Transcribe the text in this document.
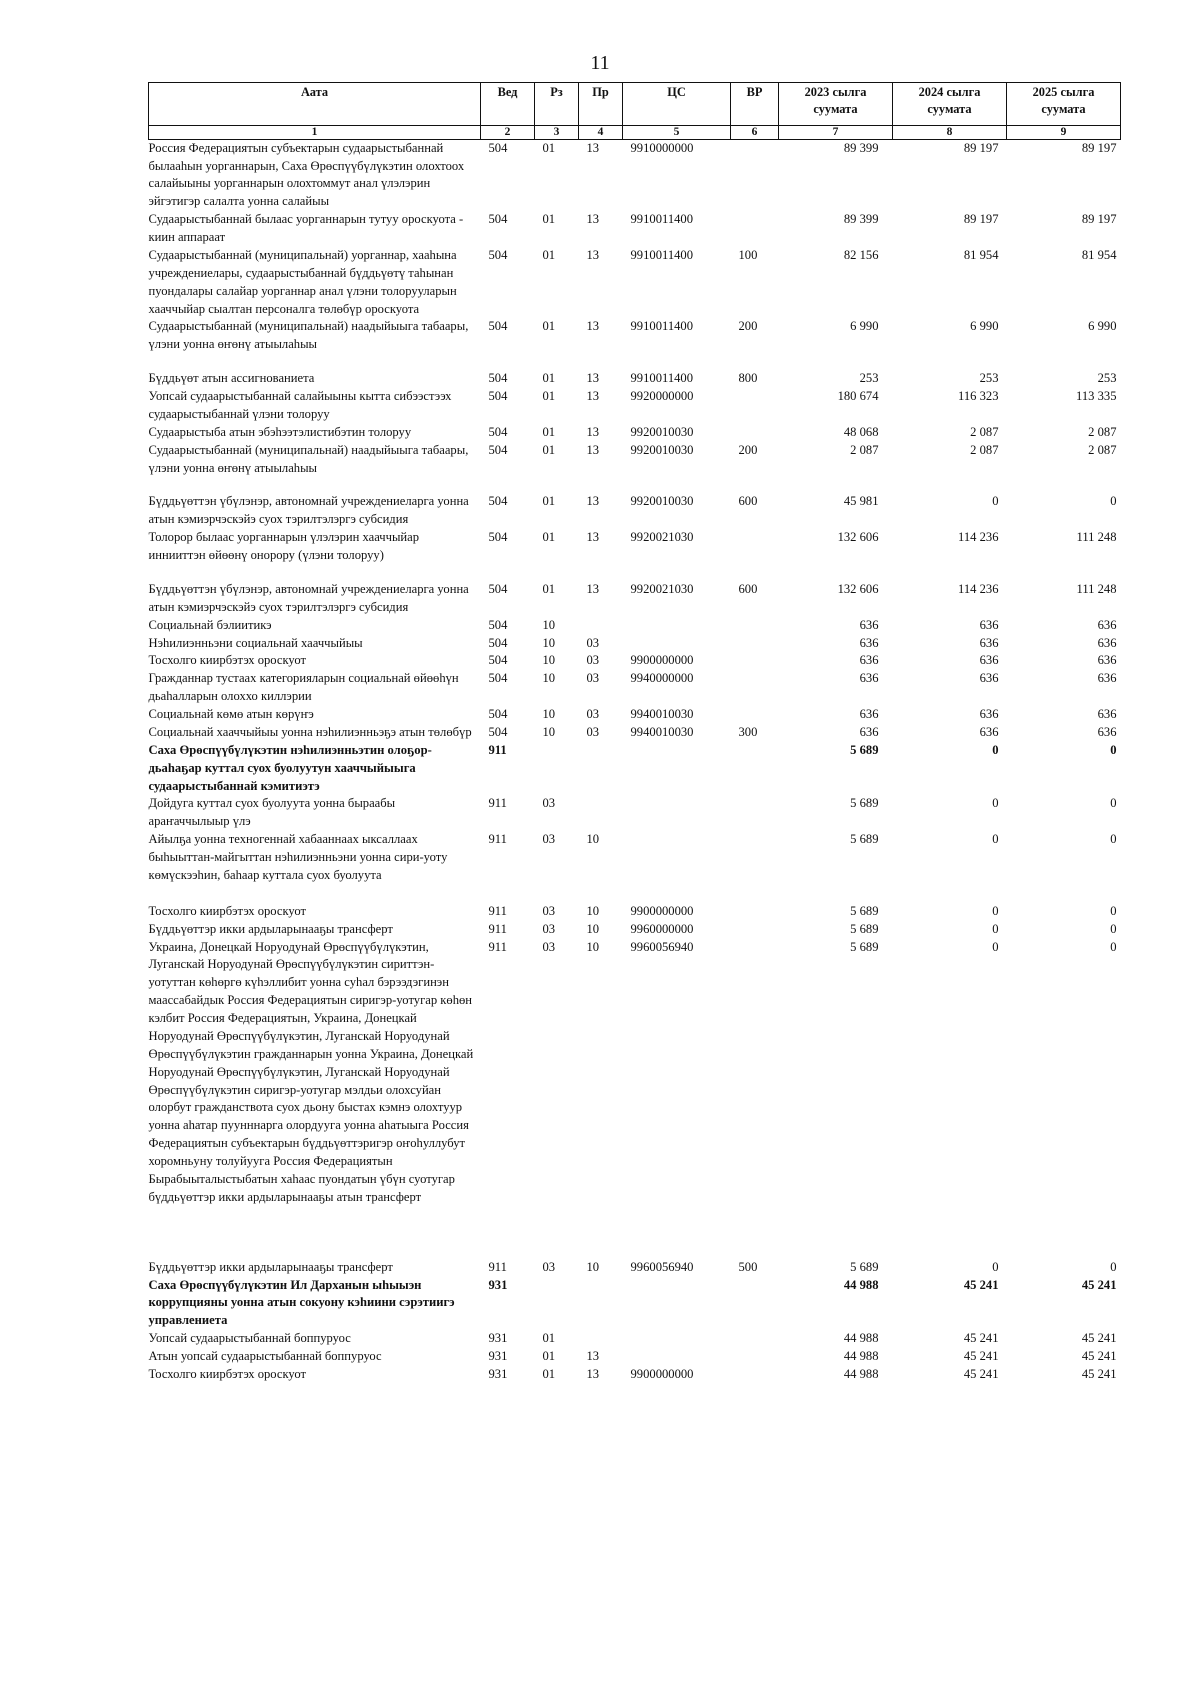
11
Аата	Вед	Рз	Пр	ЦС	ВР	2023 сылга суумата	2024 сылга суумата	2025 сылга суумата
1	2	3	4	5	6	7	8	9
Россия Федерациятын субъектарын судаарыстыбаннай былааһын уорганнарын, Саха Өрөспүүбүлүкэтин олохтоох салайыыны уорганнарын олохтоммут анал үлэлэрин эйгэтигэр салалта уонна салайыы	504	01	13	9910000000		89 399	89 197	89 197
Судаарыстыбаннай былаас уорганнарын тутуу ороскуота - киин аппараат	504	01	13	9910011400		89 399	89 197	89 197
Судаарыстыбаннай (муниципальнай) уорганнар, хааһына учреждениелары, судаарыстыбаннай бүддьүөтү таһынан пуондалары салайар уорганнар анал үлэни толорууларын хааччыйар сыалтан персоналга төлөбүр ороскуота	504	01	13	9910011400	100	82 156	81 954	81 954
Судаарыстыбаннай (муниципальнай) наадыйыыга табаары, үлэни уонна өҥөнү атыылаһыы	504	01	13	9910011400	200	6 990	6 990	6 990
Бүддьүөт атын ассигнованиета	504	01	13	9910011400	800	253	253	253
Уопсай судаарыстыбаннай салайыыны кытта сибээстээх судаарыстыбаннай үлэни толоруу	504	01	13	9920000000		180 674	116 323	113 335
Судаарыстыба атын эбэһээтэлистибэтин толоруу	504	01	13	9920010030		48 068	2 087	2 087
Судаарыстыбаннай (муниципальнай) наадыйыыга табаары, үлэни уонна өҥөнү атыылаһыы	504	01	13	9920010030	200	2 087	2 087	2 087
Бүддьүөттэн үбүлэнэр, автономнай учреждениеларга уонна атын кэмиэрчэскэйэ суох тэрилтэлэргэ субсидия	504	01	13	9920010030	600	45 981	0	0
Толорор былаас уорганнарын үлэлэрин хааччыйар иннииттэн өйөөнү онорору (үлэни толоруу)	504	01	13	9920021030		132 606	114 236	111 248
Бүддьүөттэн үбүлэнэр, автономнай учреждениеларга уонна атын кэмиэрчэскэйэ суох тэрилтэлэргэ субсидия	504	01	13	9920021030	600	132 606	114 236	111 248
Социальнай бэлиитикэ	504	10				636	636	636
Нэһилиэнньэни социальнай хааччыйыы	504	10	03			636	636	636
Тосхолго киирбэтэх ороскуот	504	10	03	9900000000		636	636	636
Гражданнар тустаах категорияларын социальнай өйөөһүн дьаһалларын олоххо киллэрии	504	10	03	9940000000		636	636	636
Социальнай көмө атын көрүҥэ	504	10	03	9940010030		636	636	636
Социальнай хааччыйыы уонна нэһилиэнньэҕэ атын төлөбүр	504	10	03	9940010030	300	636	636	636
Саха Өрөспүүбүлүкэтин нэһилиэнньэтин олоҕор-дьаһаҕар куттал суох буолуутун хааччыйыыга судаарыстыбаннай кэмитиэтэ	911					5 689	0	0
Дойдуга куттал суох буолуута уонна быраабы араҥаччылыыр үлэ	911	03				5 689	0	0
Айылҕа уонна техногеннай хабааннаах ыксаллаах быһыыттан-майгыттан нэһилиэнньэни уонна сири-уоту көмүскээһин, баһаар куттала суох буолуута	911	03	10			5 689	0	0
Тосхолго киирбэтэх ороскуот	911	03	10	9900000000		5 689	0	0
Бүддьүөттэр икки ардыларынааҕы трансферт	911	03	10	9960000000		5 689	0	0
Украина, Донецкай Норуодунай Өрөспүүбүлүкэтин, Луганскай Норуодунай Өрөспүүбүлүкэтин сириттэн-уотуттан көһөргө күһэллибит уонна суһал бэрээдэгинэн маассабайдык Россия Федерациятын сиригэр-уотугар көһөн кэлбит Россия Федерациятын, Украина, Донецкай Норуодунай Өрөспүүбүлүкэтин, Луганскай Норуодунай Өрөспүүбүлүкэтин гражданнарын уонна Украина, Донецкай Норуодунай Өрөспүүбүлүкэтин, Луганскай Норуодунай Өрөспүүбүлүкэтин сиригэр-уотугар мэлдьи олохсуйан олорбут гражданствота суох дьону быстах кэмнэ олохтуур уонна аһатар пуунннарга олордууга уонна аһатыыга Россия Федерациятын субъектарын бүддьүөттэригэр оҥоһуллубут хоромньуну толуйууга Россия Федерациятын Бырабыыталыстыбатын хаһаас пуондатын үбүн суотугар бүддьүөттэр икки ардыларынааҕы атын трансферт	911	03	10	9960056940		5 689	0	0
Бүддьүөттэр икки ардыларынааҕы трансферт	911	03	10	9960056940	500	5 689	0	0
Саха Өрөспүүбүлүкэтин Ил Дарханын ыһыыэн коррупцияны уонна атын сокуону кэһиини сэрэтиигэ управлениета	931					44 988	45 241	45 241
Уопсай судаарыстыбаннай боппуруос	931	01				44 988	45 241	45 241
Атын уопсай судаарыстыбаннай боппуруос	931	01	13			44 988	45 241	45 241
Тосхолго киирбэтэх ороскуот	931	01	13	9900000000		44 988	45 241	45 241
